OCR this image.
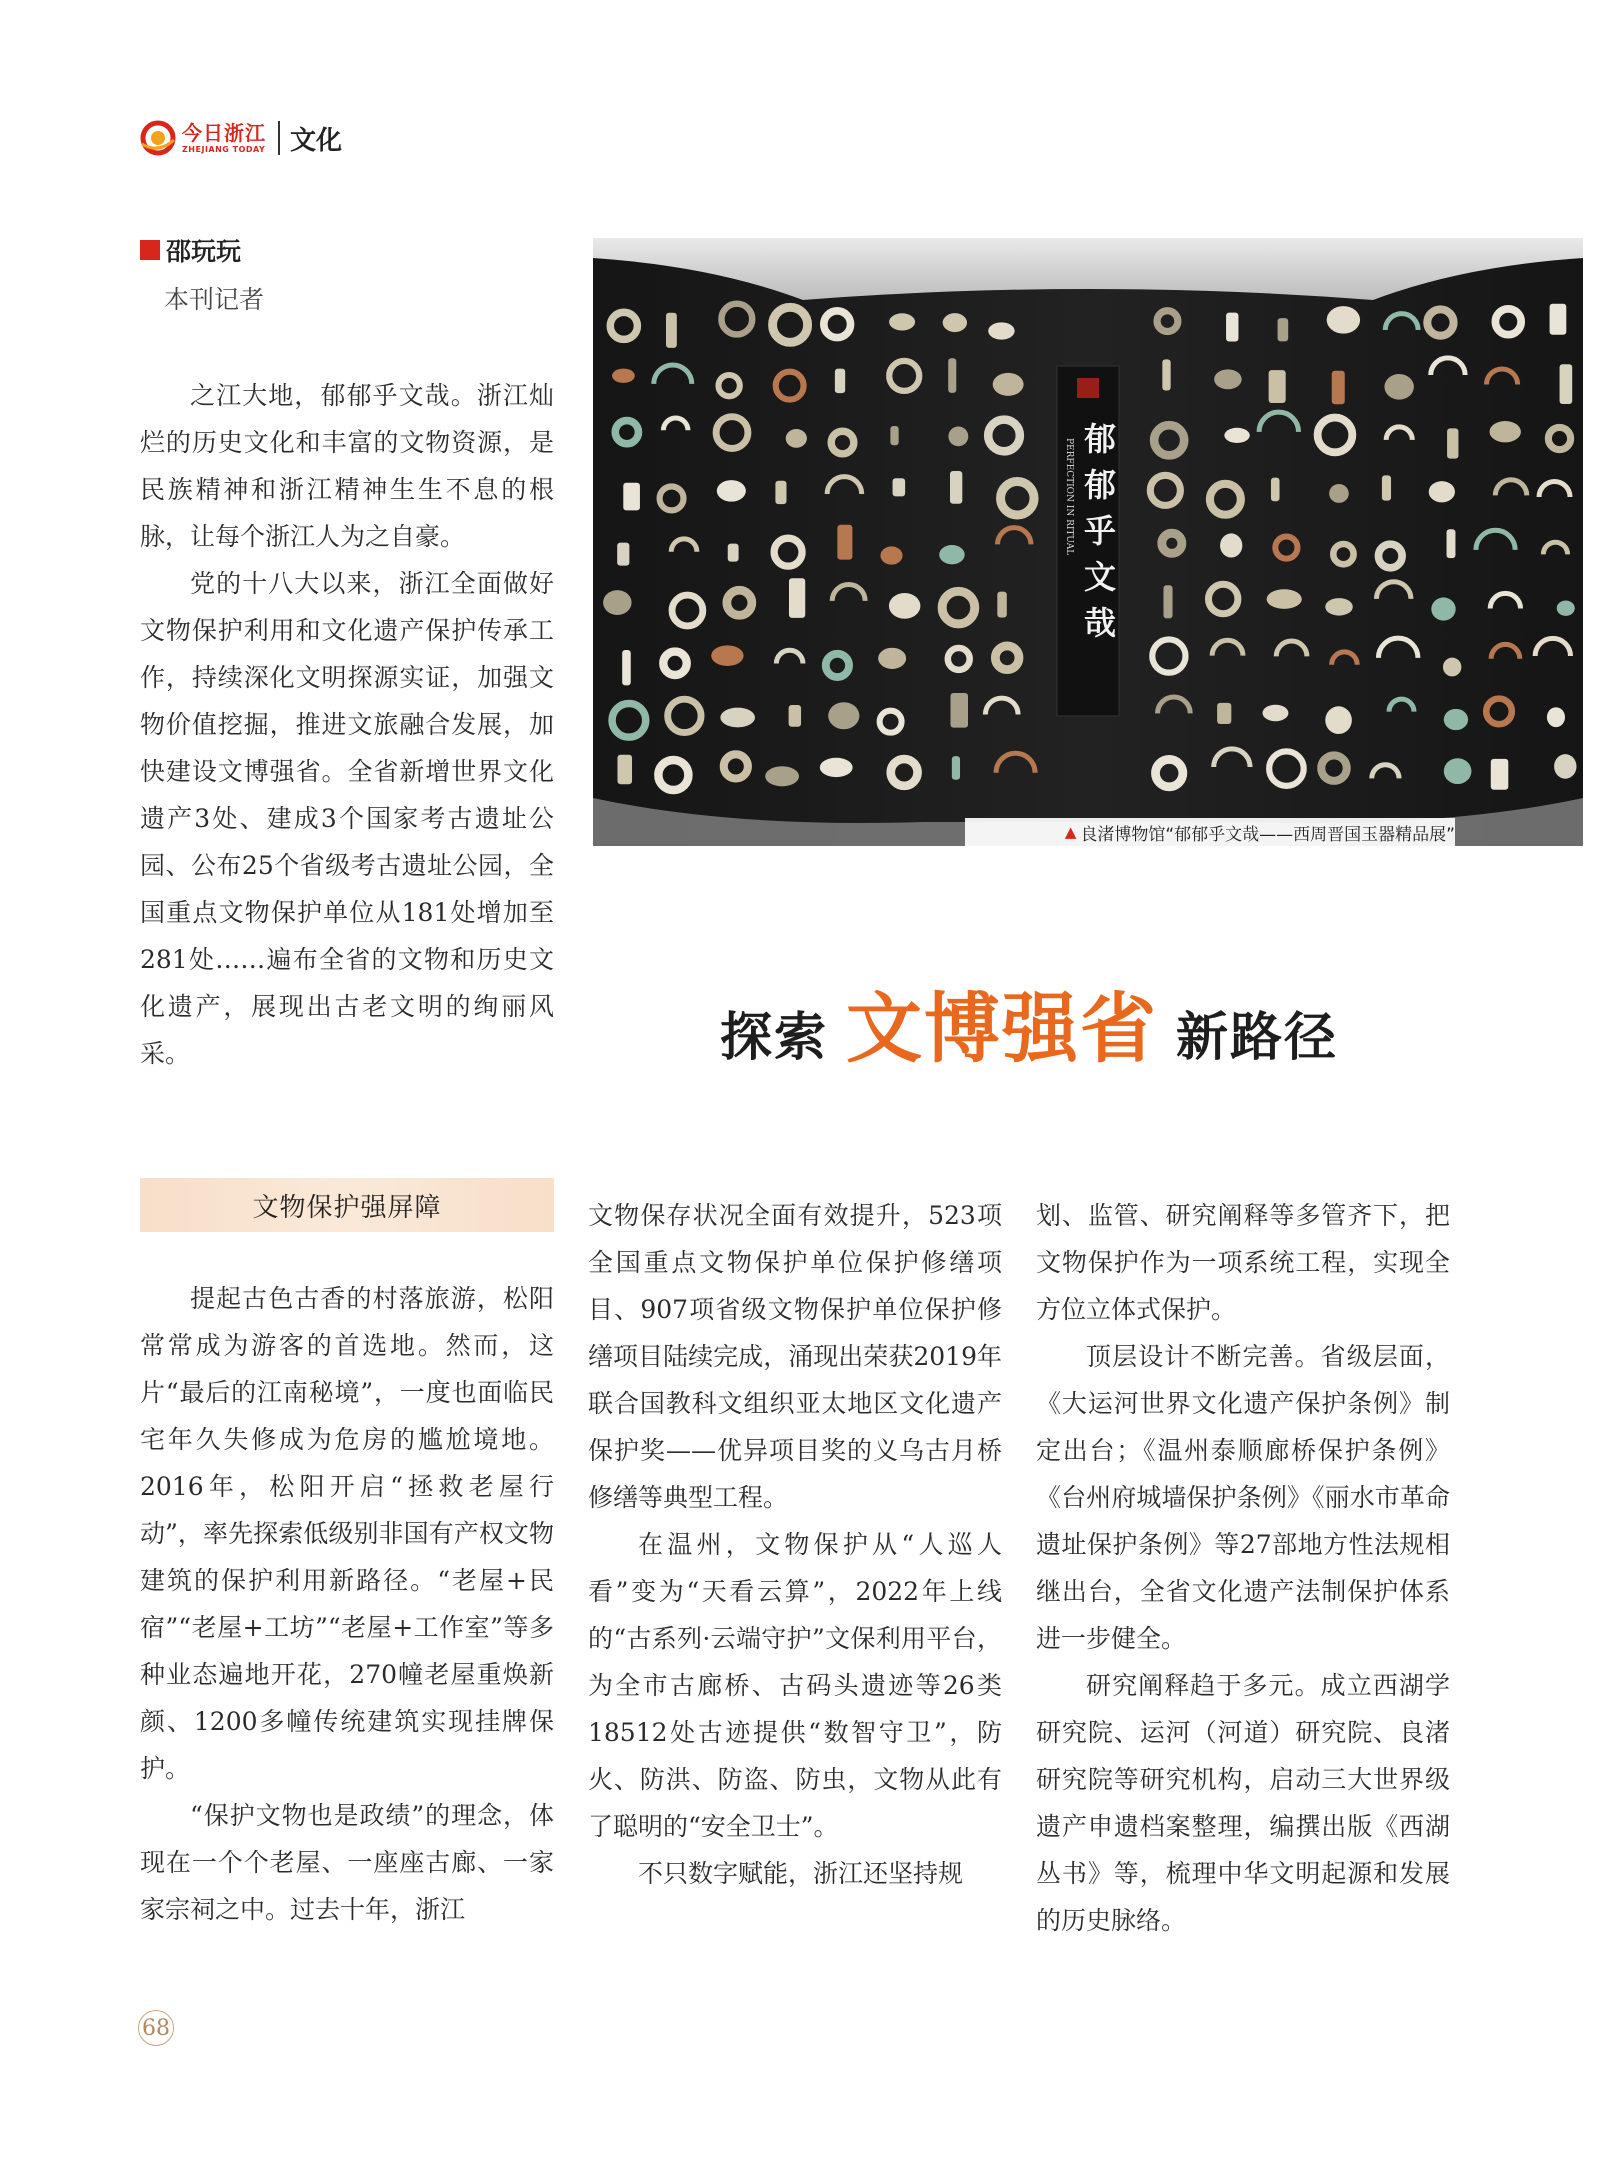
今日浙江
ZHEJIANG TODAY 文化
邵玩玩
本刊记者

之江大地，郁郁乎文哉。浙江灿烂的历史文化和丰富的文物资源，是民族精神和浙江精神生生不息的根脉，让每个浙江人为之自豪。

党的十八大以来，浙江全面做好文物保护利用和文化遗产保护传承工作，持续深化文明探源实证，加强文物价值挖掘，推进文旅融合发展，加快建设文博强省。全省新增世界文化遗产3处、建成3个国家考古遗址公园、公布25个省级考古遗址公园，全国重点文物保护单位从181处增加至281处……遍布全省的文物和历史文化遗产，展现出古老文明的绚丽风采。

PERFECTION IN RITUAL 郁郁乎文哉
▲ 良渚博物馆“郁郁乎文哉——西周晋国玉器精品展”
探索 文博强省 新路径
文物保护强屏障

提起古色古香的村落旅游，松阳常常成为游客的首选地。然而，这片“最后的江南秘境”，一度也面临民宅年久失修成为危房的尴尬境地。2016年，松阳开启“拯救老屋行动”，率先探索低级别非国有产权文物建筑的保护利用新路径。“老屋+民宿”“老屋+工坊”“老屋+工作室”等多种业态遍地开花，270幢老屋重焕新颜、1200多幢传统建筑实现挂牌保护。

“保护文物也是政绩”的理念，体现在一个个老屋、一座座古廊、一家家宗祠之中。过去十年，浙江

文物保存状况全面有效提升，523项全国重点文物保护单位保护修缮项目、907项省级文物保护单位保护修缮项目陆续完成，涌现出荣获2019年联合国教科文组织亚太地区文化遗产保护奖——优异项目奖的义乌古月桥修缮等典型工程。

在温州，文物保护从“人巡人看”变为“天看云算”，2022年上线的“古系列·云端守护”文保利用平台，为全市古廊桥、古码头遗迹等26类18512处古迹提供“数智守卫”，防火、防洪、防盗、防虫，文物从此有了聪明的“安全卫士”。

不只数字赋能，浙江还坚持规

划、监管、研究阐释等多管齐下，把文物保护作为一项系统工程，实现全方位立体式保护。

顶层设计不断完善。省级层面，《大运河世界文化遗产保护条例》制定出台；《温州泰顺廊桥保护条例》《台州府城墙保护条例》《丽水市革命遗址保护条例》等27部地方性法规相继出台，全省文化遗产法制保护体系进一步健全。

研究阐释趋于多元。成立西湖学研究院、运河（河道）研究院、良渚研究院等研究机构，启动三大世界级遗产申遗档案整理，编撰出版《西湖丛书》等，梳理中华文明起源和发展的历史脉络。

68
